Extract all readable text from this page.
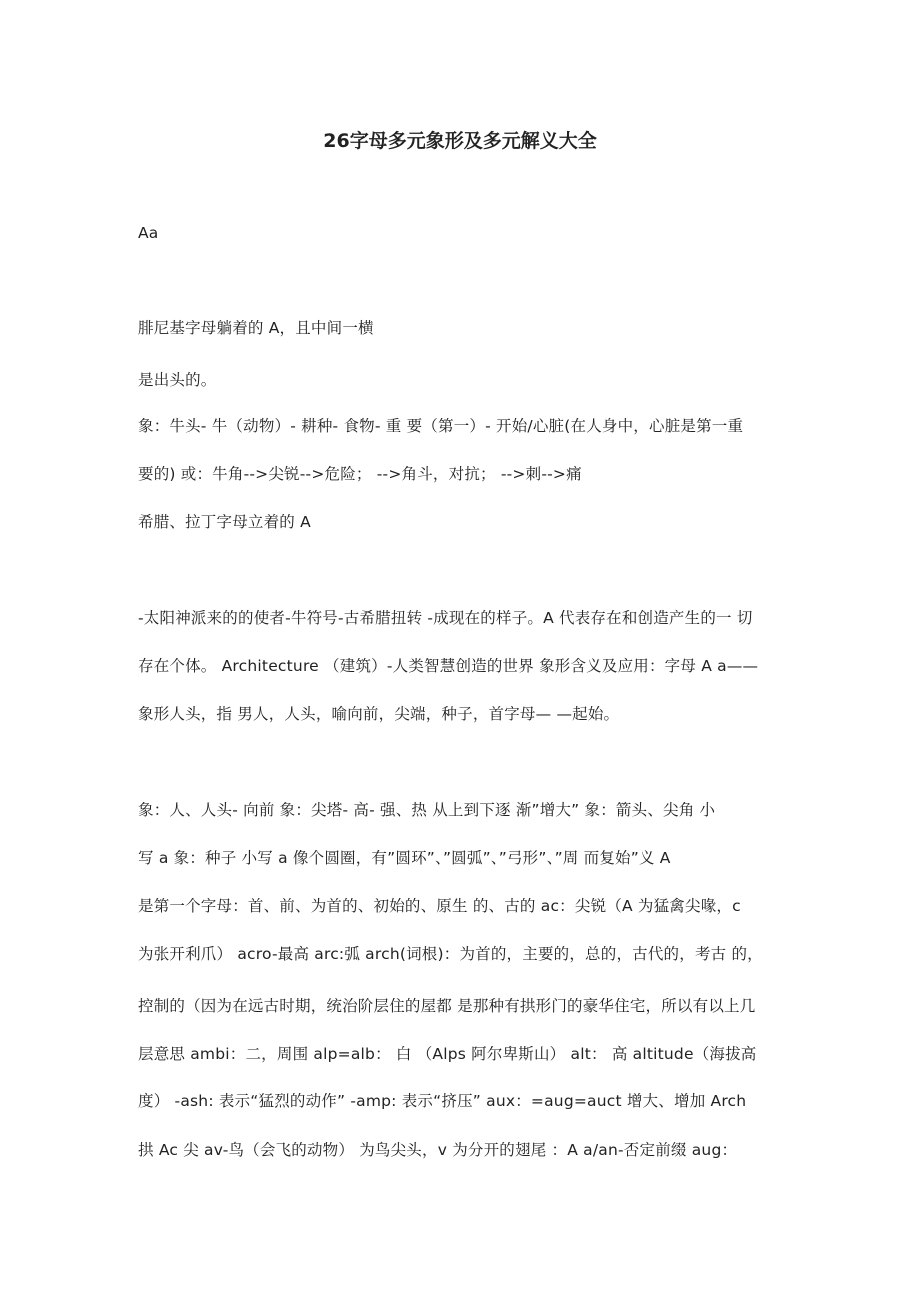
26字母多元象形及多元解义大全
Aa
腓尼基字母躺着的 A，且中间一横
是出头的。
象：牛头- 牛（动物）- 耕种- 食物- 重 要（第一）- 开始/心脏(在人身中，心脏是第一重
要的) 或：牛角-->尖锐-->危险； -->角斗，对抗； -->刺-->痛
希腊、拉丁字母立着的 A
-太阳神派来的的使者-牛符号-古希腊扭转 -成现在的样子。A 代表存在和创造产生的一 切
存在个体。 Architecture （建筑）-人类智慧创造的世界 象形含义及应用：字母 A a——
象形人头，指 男人，人头，喻向前，尖端，种子，首字母— —起始。
象：人、人头- 向前 象：尖塔- 高- 强、热 从上到下逐 渐”增大” 象：箭头、尖角 小
写 a 象：种子 小写 a 像个圆圈，有”圆环”、”圆弧”、”弓形”、”周 而复始”义 A
是第一个字母：首、前、为首的、初始的、原生 的、古的 ac：尖锐（A 为猛禽尖喙，c
为张开利爪） acro-最高 arc:弧 arch(词根)：为首的，主要的，总的，古代的，考古 的，
控制的（因为在远古时期，统治阶层住的屋都 是那种有拱形门的豪华住宅，所以有以上几
层意思 ambi：二，周围 alp=alb： 白 （Alps 阿尔卑斯山） alt： 高 altitude（海拔高
度） -ash: 表示“猛烈的动作” -amp: 表示“挤压” aux：=aug=auct 增大、增加 Arch
拱 Ac 尖 av-鸟（会飞的动物） 为鸟尖头，v 为分开的翅尾 ：A a/an-否定前缀 aug：
